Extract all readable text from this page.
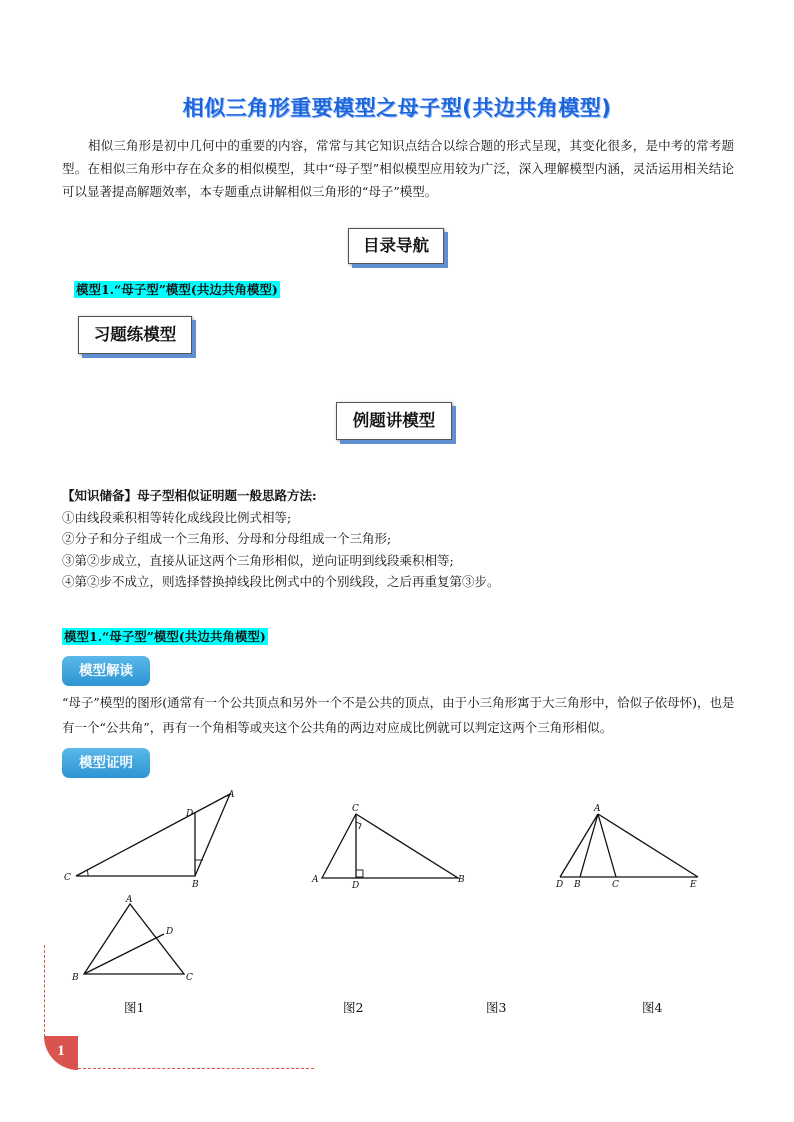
相似三角形重要模型之母子型(共边共角模型)
相似三角形是初中几何中的重要的内容，常常与其它知识点结合以综合题的形式呈现，其变化很多，是中考的常考题型。在相似三角形中存在众多的相似模型，其中“母子型”相似模型应用较为广泛，深入理解模型内涵，灵活运用相关结论可以显著提高解题效率，本专题重点讲解相似三角形的“母子”模型。
目录导航
模型1.“母子型”模型(共边共角模型)
习题练模型
例题讲模型
【知识储备】母子型相似证明题一般思路方法:
①由线段乘积相等转化成线段比例式相等;
②分子和分子组成一个三角形、分母和分母组成一个三角形;
③第②步成立，直接从证这两个三角形相似，逆向证明到线段乘积相等;
④第②步不成立，则选择替换掉线段比例式中的个别线段，之后再重复第③步。
模型1.“母子型”模型(共边共角模型)
模型解读
“母子”模型的图形(通常有一个公共顶点和另外一个不是公共的顶点，由于小三角形寓于大三角形中，恰似子依母怀)，也是有一个“公共角”，再有一个角相等或夹这个公共角的两边对应成比例就可以判定这两个三角形相似。
模型证明
A
D
C
B
C
A
D
B
A
D B	C	E
A
D
B	C
图1	图2	图3	图4
1
